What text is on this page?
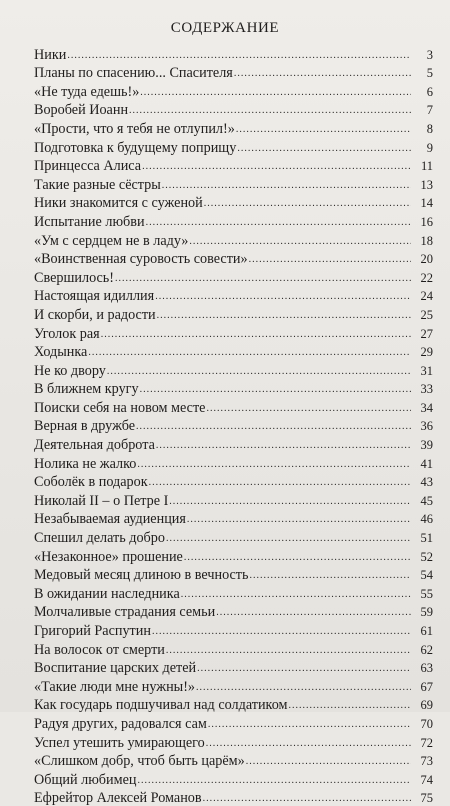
СОДЕРЖАНИЕ
Ники .....	3
Планы по спасению... Спасителя .....	5
«Не туда едешь!» .....	6
Воробей Иоанн .....	7
«Прости, что я тебя не отлупил!» .....	8
Подготовка к будущему поприщу .....	9
Принцесса Алиса .....	11
Такие разные сёстры .....	13
Ники знакомится с суженой .....	14
Испытание любви .....	16
«Ум с сердцем не в ладу» .....	18
«Воинственная суровость совести» .....	20
Свершилось! .....	22
Настоящая идиллия .....	24
И скорби, и радости .....	25
Уголок рая .....	27
Ходынка .....	29
Не ко двору .....	31
В ближнем кругу .....	33
Поиски себя на новом месте .....	34
Верная в дружбе .....	36
Деятельная доброта .....	39
Нолика не жалко .....	41
Соболёк в подарок .....	43
Николай II – о Петре I .....	45
Незабываемая аудиенция .....	46
Спешил делать добро .....	51
«Незаконное» прошение .....	52
Медовый месяц длиною в вечность .....	54
В ожидании наследника .....	55
Молчаливые страдания семьи .....	59
Григорий Распутин .....	61
На волосок от смерти .....	62
Воспитание царских детей .....	63
«Такие люди мне нужны!» .....	67
Как государь подшучивал над солдатиком .....	69
Радуя других, радовался сам .....	70
Успел утешить умирающего .....	72
«Слишком добр, чтоб быть царём» .....	73
Общий любимец .....	74
Ефрейтор Алексей Романов .....	75
